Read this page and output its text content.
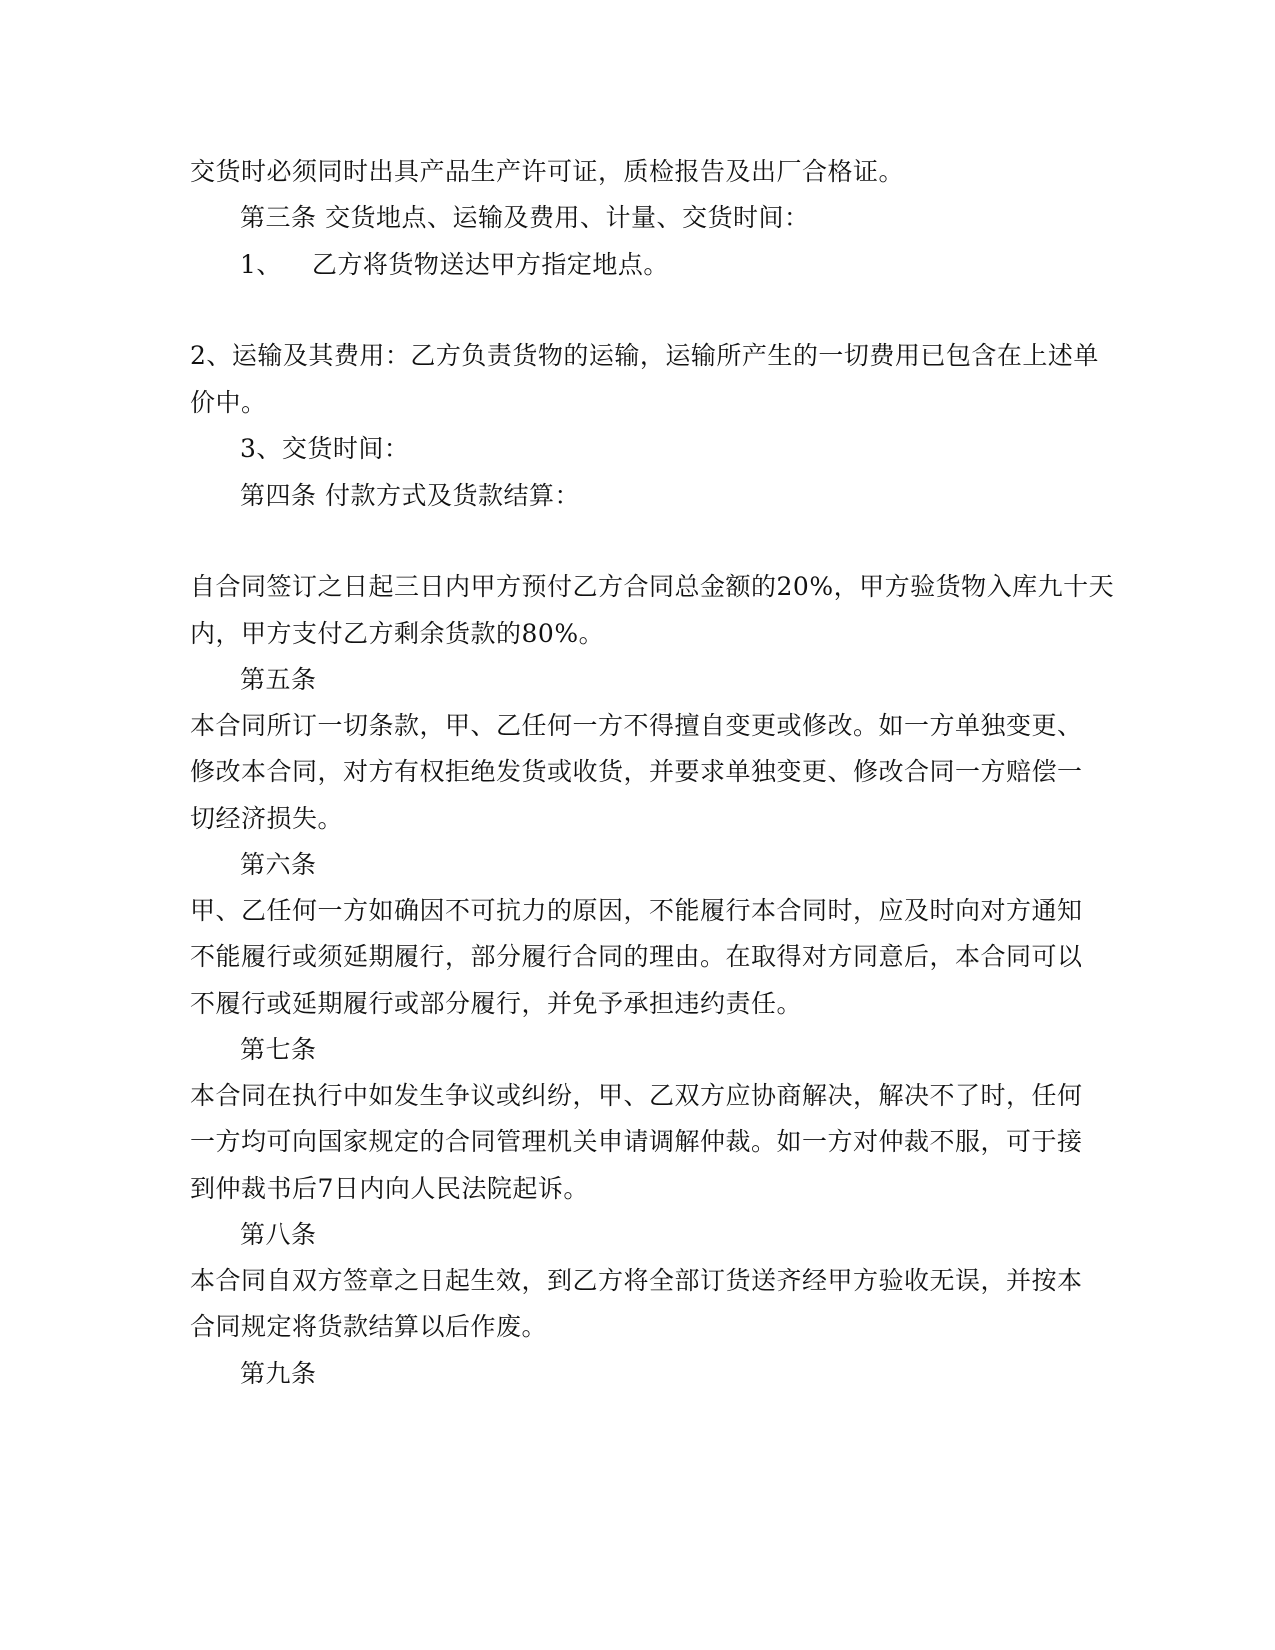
交货时必须同时出具产品生产许可证，质检报告及出厂合格证。
第三条 交货地点、运输及费用、计量、交货时间：
1、 乙方将货物送达甲方指定地点。
2、运输及其费用：乙方负责货物的运输，运输所产生的一切费用已包含在上述单
价中。
3、交货时间：
第四条 付款方式及货款结算：
自合同签订之日起三日内甲方预付乙方合同总金额的20%，甲方验货物入库九十天
内，甲方支付乙方剩余货款的80%。
第五条
本合同所订一切条款，甲、乙任何一方不得擅自变更或修改。如一方单独变更、
修改本合同，对方有权拒绝发货或收货，并要求单独变更、修改合同一方赔偿一
切经济损失。
第六条
甲、乙任何一方如确因不可抗力的原因，不能履行本合同时，应及时向对方通知
不能履行或须延期履行，部分履行合同的理由。在取得对方同意后，本合同可以
不履行或延期履行或部分履行，并免予承担违约责任。
第七条
本合同在执行中如发生争议或纠纷，甲、乙双方应协商解决，解决不了时，任何
一方均可向国家规定的合同管理机关申请调解仲裁。如一方对仲裁不服，可于接
到仲裁书后7日内向人民法院起诉。
第八条
本合同自双方签章之日起生效，到乙方将全部订货送齐经甲方验收无误，并按本
合同规定将货款结算以后作废。
第九条
